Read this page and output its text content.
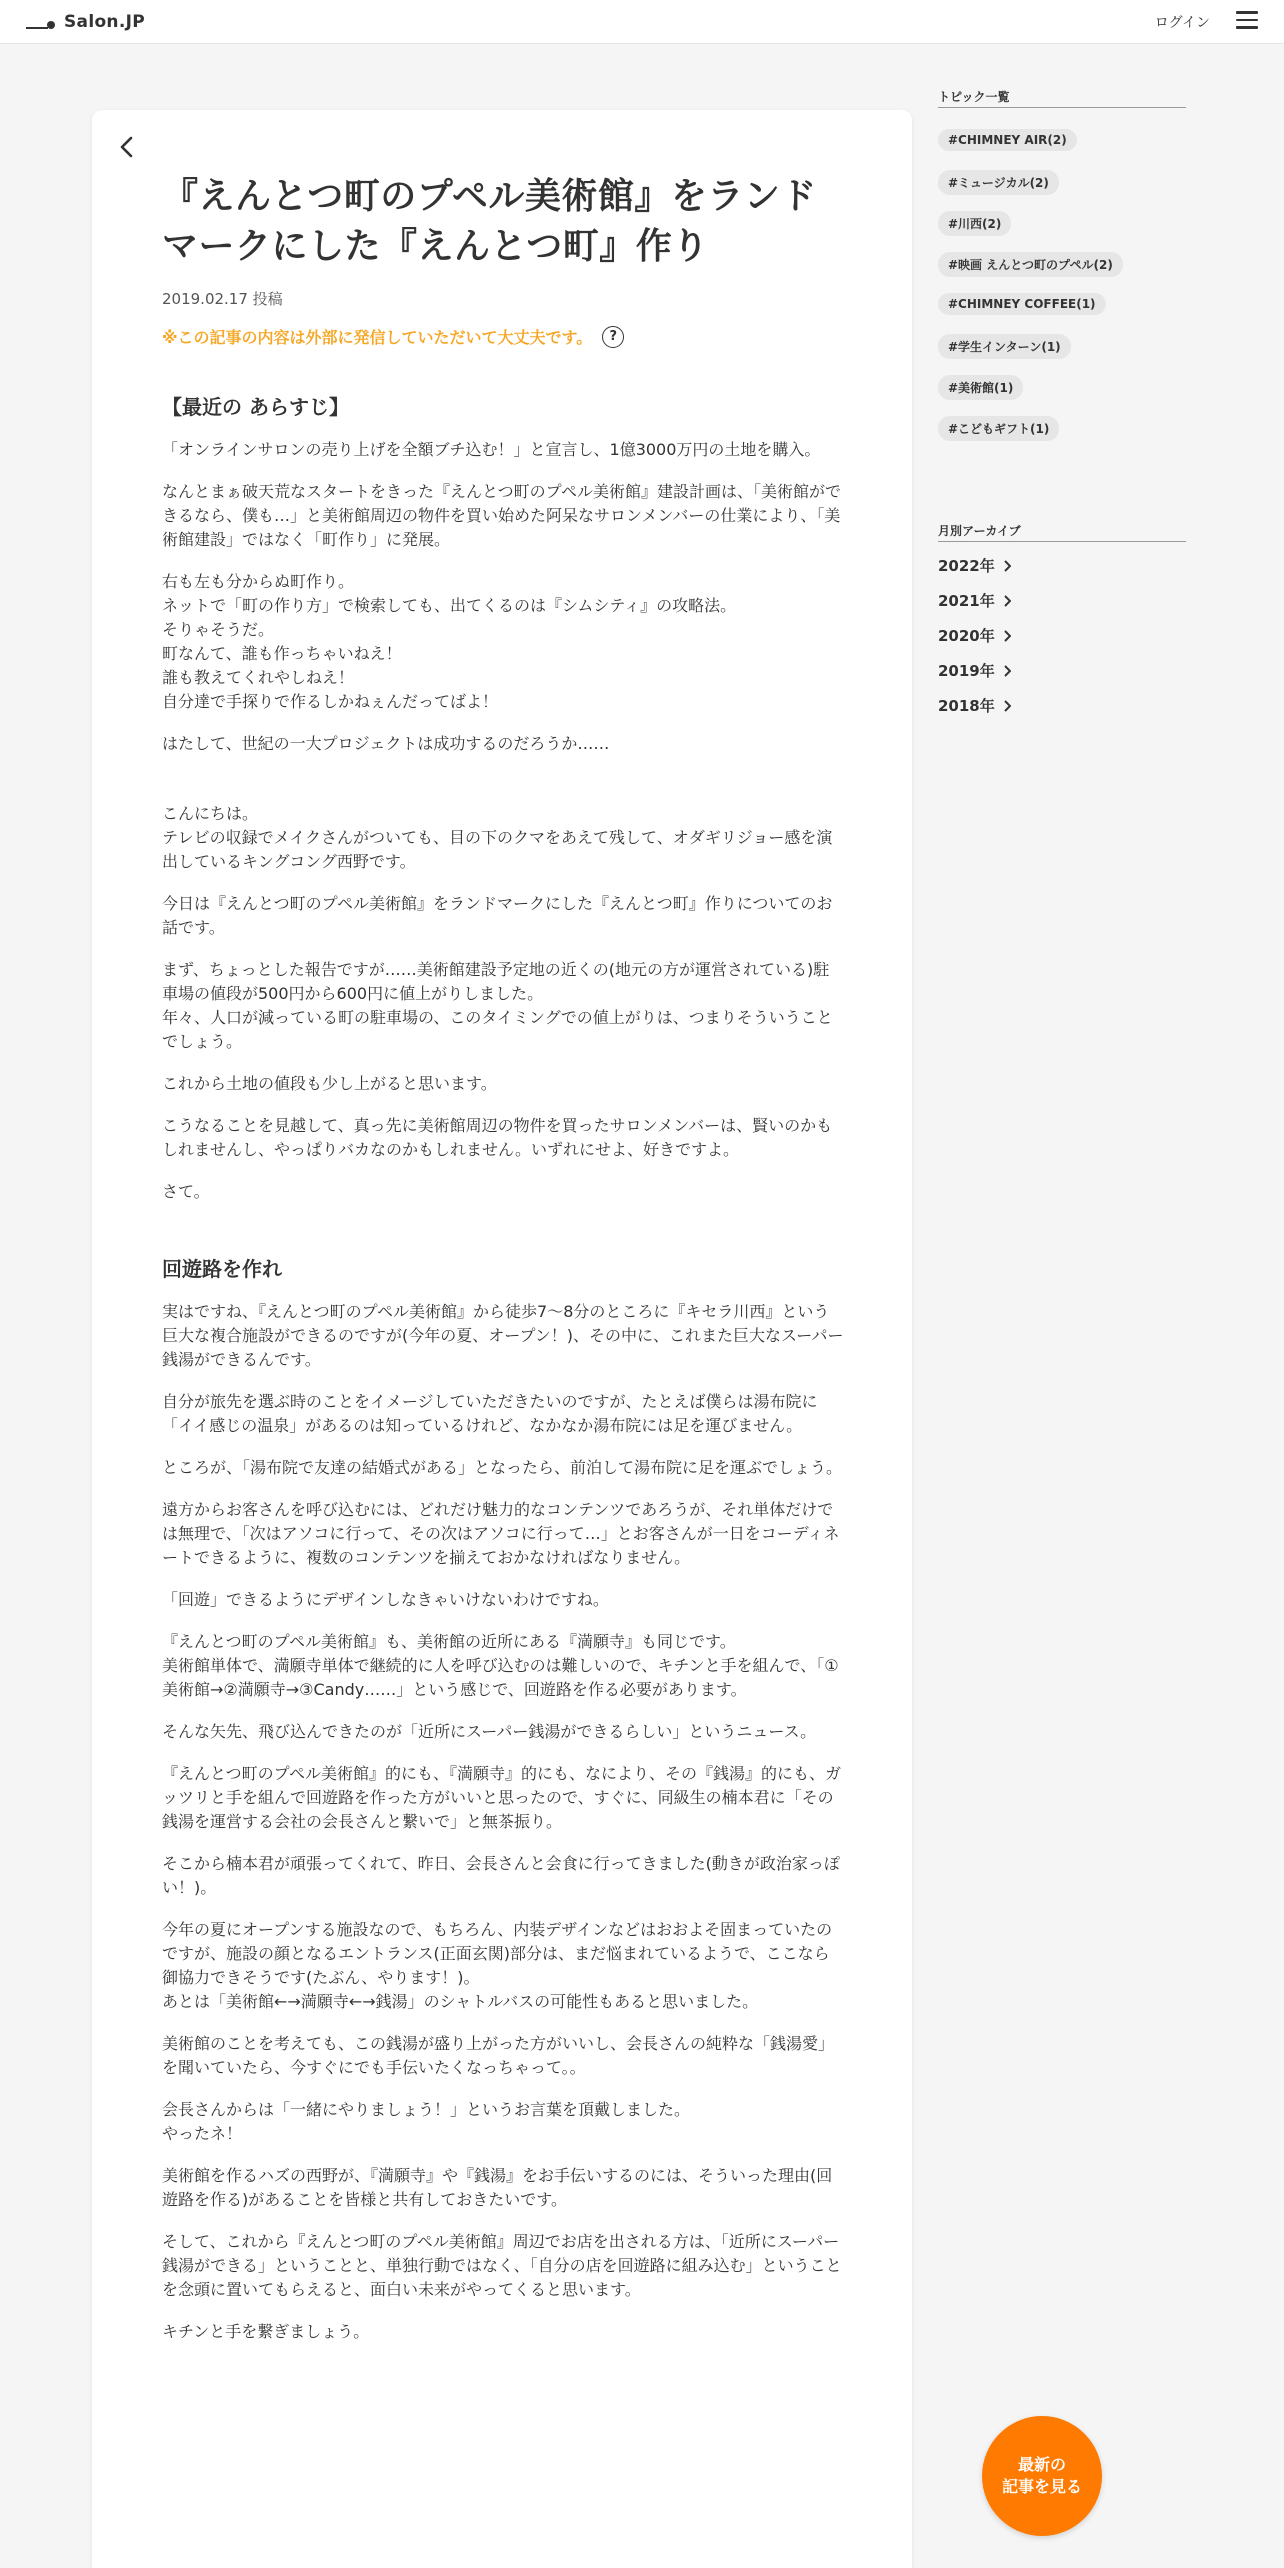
Salon.JP	ログイン
『えんとつ町のプペル美術館』をランドマークにした『えんとつ町』作り
2019.02.17 投稿
※この記事の内容は外部に発信していただいて大丈夫です。	?
【最近の あらすじ】

「オンラインサロンの売り上げを全額ブチ込む！」と宣言し、1億3000万円の土地を購入。

なんとまぁ破天荒なスタートをきった『えんとつ町のプペル美術館』建設計画は、「美術館ができるなら、僕も…」と美術館周辺の物件を買い始めた阿呆なサロンメンバーの仕業により、「美術館建設」ではなく「町作り」に発展。

右も左も分からぬ町作り。
ネットで「町の作り方」で検索しても、出てくるのは『シムシティ』の攻略法。
そりゃそうだ。
町なんて、誰も作っちゃいねえ！
誰も教えてくれやしねえ！
自分達で手探りで作るしかねぇんだってばよ！

はたして、世紀の一大プロジェクトは成功するのだろうか……

こんにちは。
テレビの収録でメイクさんがついても、目の下のクマをあえて残して、オダギリジョー感を演出しているキングコング西野です。

今日は『えんとつ町のプペル美術館』をランドマークにした『えんとつ町』作りについてのお話です。

まず、ちょっとした報告ですが……美術館建設予定地の近くの(地元の方が運営されている)駐車場の値段が500円から600円に値上がりしました。
年々、人口が減っている町の駐車場の、このタイミングでの値上がりは、つまりそういうことでしょう。

これから土地の値段も少し上がると思います。

こうなることを見越して、真っ先に美術館周辺の物件を買ったサロンメンバーは、賢いのかもしれませんし、やっぱりバカなのかもしれません。いずれにせよ、好きですよ。

さて。

回遊路を作れ

実はですね、『えんとつ町のプペル美術館』から徒歩7～8分のところに『キセラ川西』という巨大な複合施設ができるのですが(今年の夏、オープン！)、その中に、これまた巨大なスーパー銭湯ができるんです。

自分が旅先を選ぶ時のことをイメージしていただきたいのですが、たとえば僕らは湯布院に「イイ感じの温泉」があるのは知っているけれど、なかなか湯布院には足を運びません。

ところが、「湯布院で友達の結婚式がある」となったら、前泊して湯布院に足を運ぶでしょう。

遠方からお客さんを呼び込むには、どれだけ魅力的なコンテンツであろうが、それ単体だけでは無理で、「次はアソコに行って、その次はアソコに行って…」とお客さんが一日をコーディネートできるように、複数のコンテンツを揃えておかなければなりません。

「回遊」できるようにデザインしなきゃいけないわけですね。

『えんとつ町のプペル美術館』も、美術館の近所にある『満願寺』も同じです。
美術館単体で、満願寺単体で継続的に人を呼び込むのは難しいので、キチンと手を組んで、「①美術館→②満願寺→③Candy……」という感じで、回遊路を作る必要があります。

そんな矢先、飛び込んできたのが「近所にスーパー銭湯ができるらしい」というニュース。

『えんとつ町のプペル美術館』的にも、『満願寺』的にも、なにより、その『銭湯』的にも、ガッツリと手を組んで回遊路を作った方がいいと思ったので、すぐに、同級生の楠本君に「その銭湯を運営する会社の会長さんと繋いで」と無茶振り。

そこから楠本君が頑張ってくれて、昨日、会長さんと会食に行ってきました(動きが政治家っぽい！)。

今年の夏にオープンする施設なので、もちろん、内装デザインなどはおおよそ固まっていたのですが、施設の顔となるエントランス(正面玄関)部分は、まだ悩まれているようで、ここなら御協力できそうです(たぶん、やります！)。
あとは「美術館←→満願寺←→銭湯」のシャトルバスの可能性もあると思いました。

美術館のことを考えても、この銭湯が盛り上がった方がいいし、会長さんの純粋な「銭湯愛」を聞いていたら、今すぐにでも手伝いたくなっちゃって。。

会長さんからは「一緒にやりましょう！」というお言葉を頂戴しました。
やったネ！

美術館を作るハズの西野が、『満願寺』や『銭湯』をお手伝いするのには、そういった理由(回遊路を作る)があることを皆様と共有しておきたいです。

そして、これから『えんとつ町のプペル美術館』周辺でお店を出される方は、「近所にスーパー銭湯ができる」ということと、単独行動ではなく、「自分の店を回遊路に組み込む」ということを念頭に置いてもらえると、面白い未来がやってくると思います。

キチンと手を繋ぎましょう。

トピック一覧
#CHIMNEY AIR(2)
#ミュージカル(2)
#川西(2)
#映画 えんとつ町のプペル(2)
#CHIMNEY COFFEE(1)
#学生インターン(1)
#美術館(1)
#こどもギフト(1)
月別アーカイブ
2022年
2021年
2020年
2019年
2018年
最新の
記事を見る
